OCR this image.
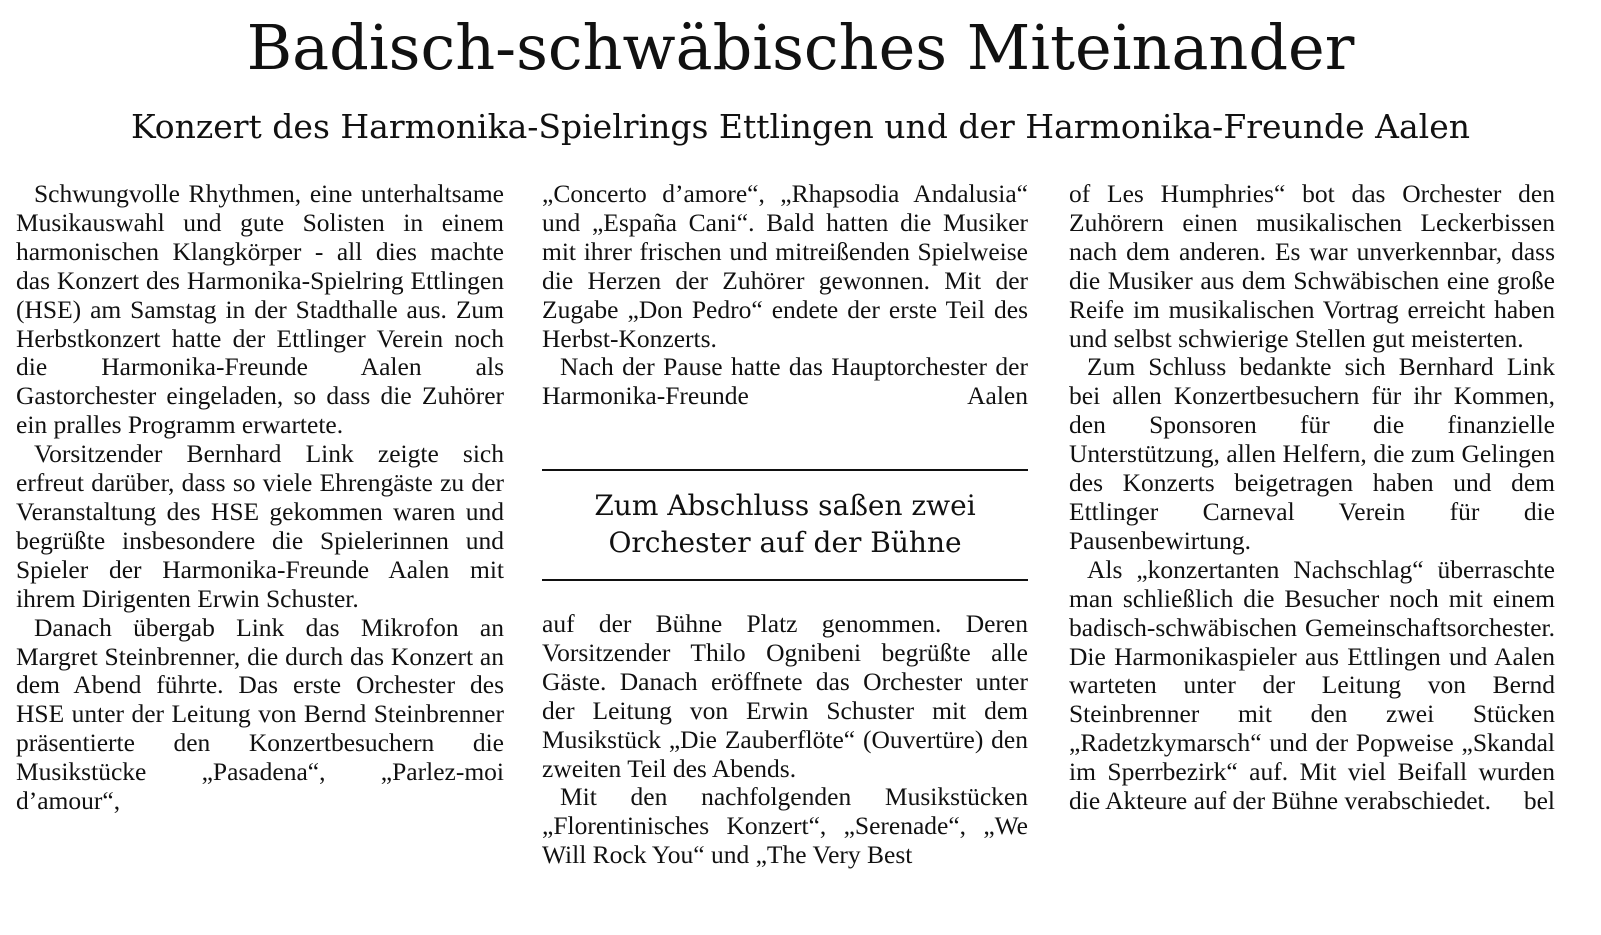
Badisch-schwäbisches Miteinander
Konzert des Harmonika-Spielrings Ettlingen und der Harmonika-Freunde Aalen

Schwungvolle Rhythmen, eine unterhaltsame Musikauswahl und gute Solisten in einem harmonischen Klangkörper - all dies machte das Konzert des Harmonika-Spielring Ettlingen (HSE) am Samstag in der Stadthalle aus. Zum Herbstkonzert hatte der Ettlinger Verein noch die Harmonika-Freunde Aalen als Gastorchester eingeladen, so dass die Zuhörer ein pralles Programm erwartete.

Vorsitzender Bernhard Link zeigte sich erfreut darüber, dass so viele Ehrengäste zu der Veranstaltung des HSE gekommen waren und begrüßte insbesondere die Spielerinnen und Spieler der Harmonika-Freunde Aalen mit ihrem Dirigenten Erwin Schuster.

Danach übergab Link das Mikrofon an Margret Steinbrenner, die durch das Konzert an dem Abend führte. Das erste Orchester des HSE unter der Leitung von Bernd Steinbrenner präsentierte den Konzertbesuchern die Musikstücke „Pasadena“, „Parlez-moi d’amour“,

„Concerto d’amore“, „Rhapsodia Andalusia“ und „España Cani“. Bald hatten die Musiker mit ihrer frischen und mitreißenden Spielweise die Herzen der Zuhörer gewonnen. Mit der Zugabe „Don Pedro“ endete der erste Teil des Herbst-Konzerts.

Nach der Pause hatte das Hauptorchester der Harmonika-Freunde Aalen

Zum Abschluss saßen zwei
Orchester auf der Bühne

auf der Bühne Platz genommen. Deren Vorsitzender Thilo Ognibeni begrüßte alle Gäste. Danach eröffnete das Orchester unter der Leitung von Erwin Schuster mit dem Musikstück „Die Zauberflöte“ (Ouvertüre) den zweiten Teil des Abends.

Mit den nachfolgenden Musikstücken „Florentinisches Konzert“, „Serenade“, „We Will Rock You“ und „The Very Best

of Les Humphries“ bot das Orchester den Zuhörern einen musikalischen Leckerbissen nach dem anderen. Es war unverkennbar, dass die Musiker aus dem Schwäbischen eine große Reife im musikalischen Vortrag erreicht haben und selbst schwierige Stellen gut meisterten.

Zum Schluss bedankte sich Bernhard Link bei allen Konzertbesuchern für ihr Kommen, den Sponsoren für die finanzielle Unterstützung, allen Helfern, die zum Gelingen des Konzerts beigetragen haben und dem Ettlinger Carneval Verein für die Pausenbewirtung.

Als „konzertanten Nachschlag“ überraschte man schließlich die Besucher noch mit einem badisch-schwäbischen Gemeinschaftsorchester. Die Harmonikaspieler aus Ettlingen und Aalen warteten unter der Leitung von Bernd Steinbrenner mit den zwei Stücken „Radetzkymarsch“ und der Popweise „Skandal im Sperrbezirk“ auf. Mit viel Beifall wurden die Akteure auf der Bühne verabschiedet.	bel
